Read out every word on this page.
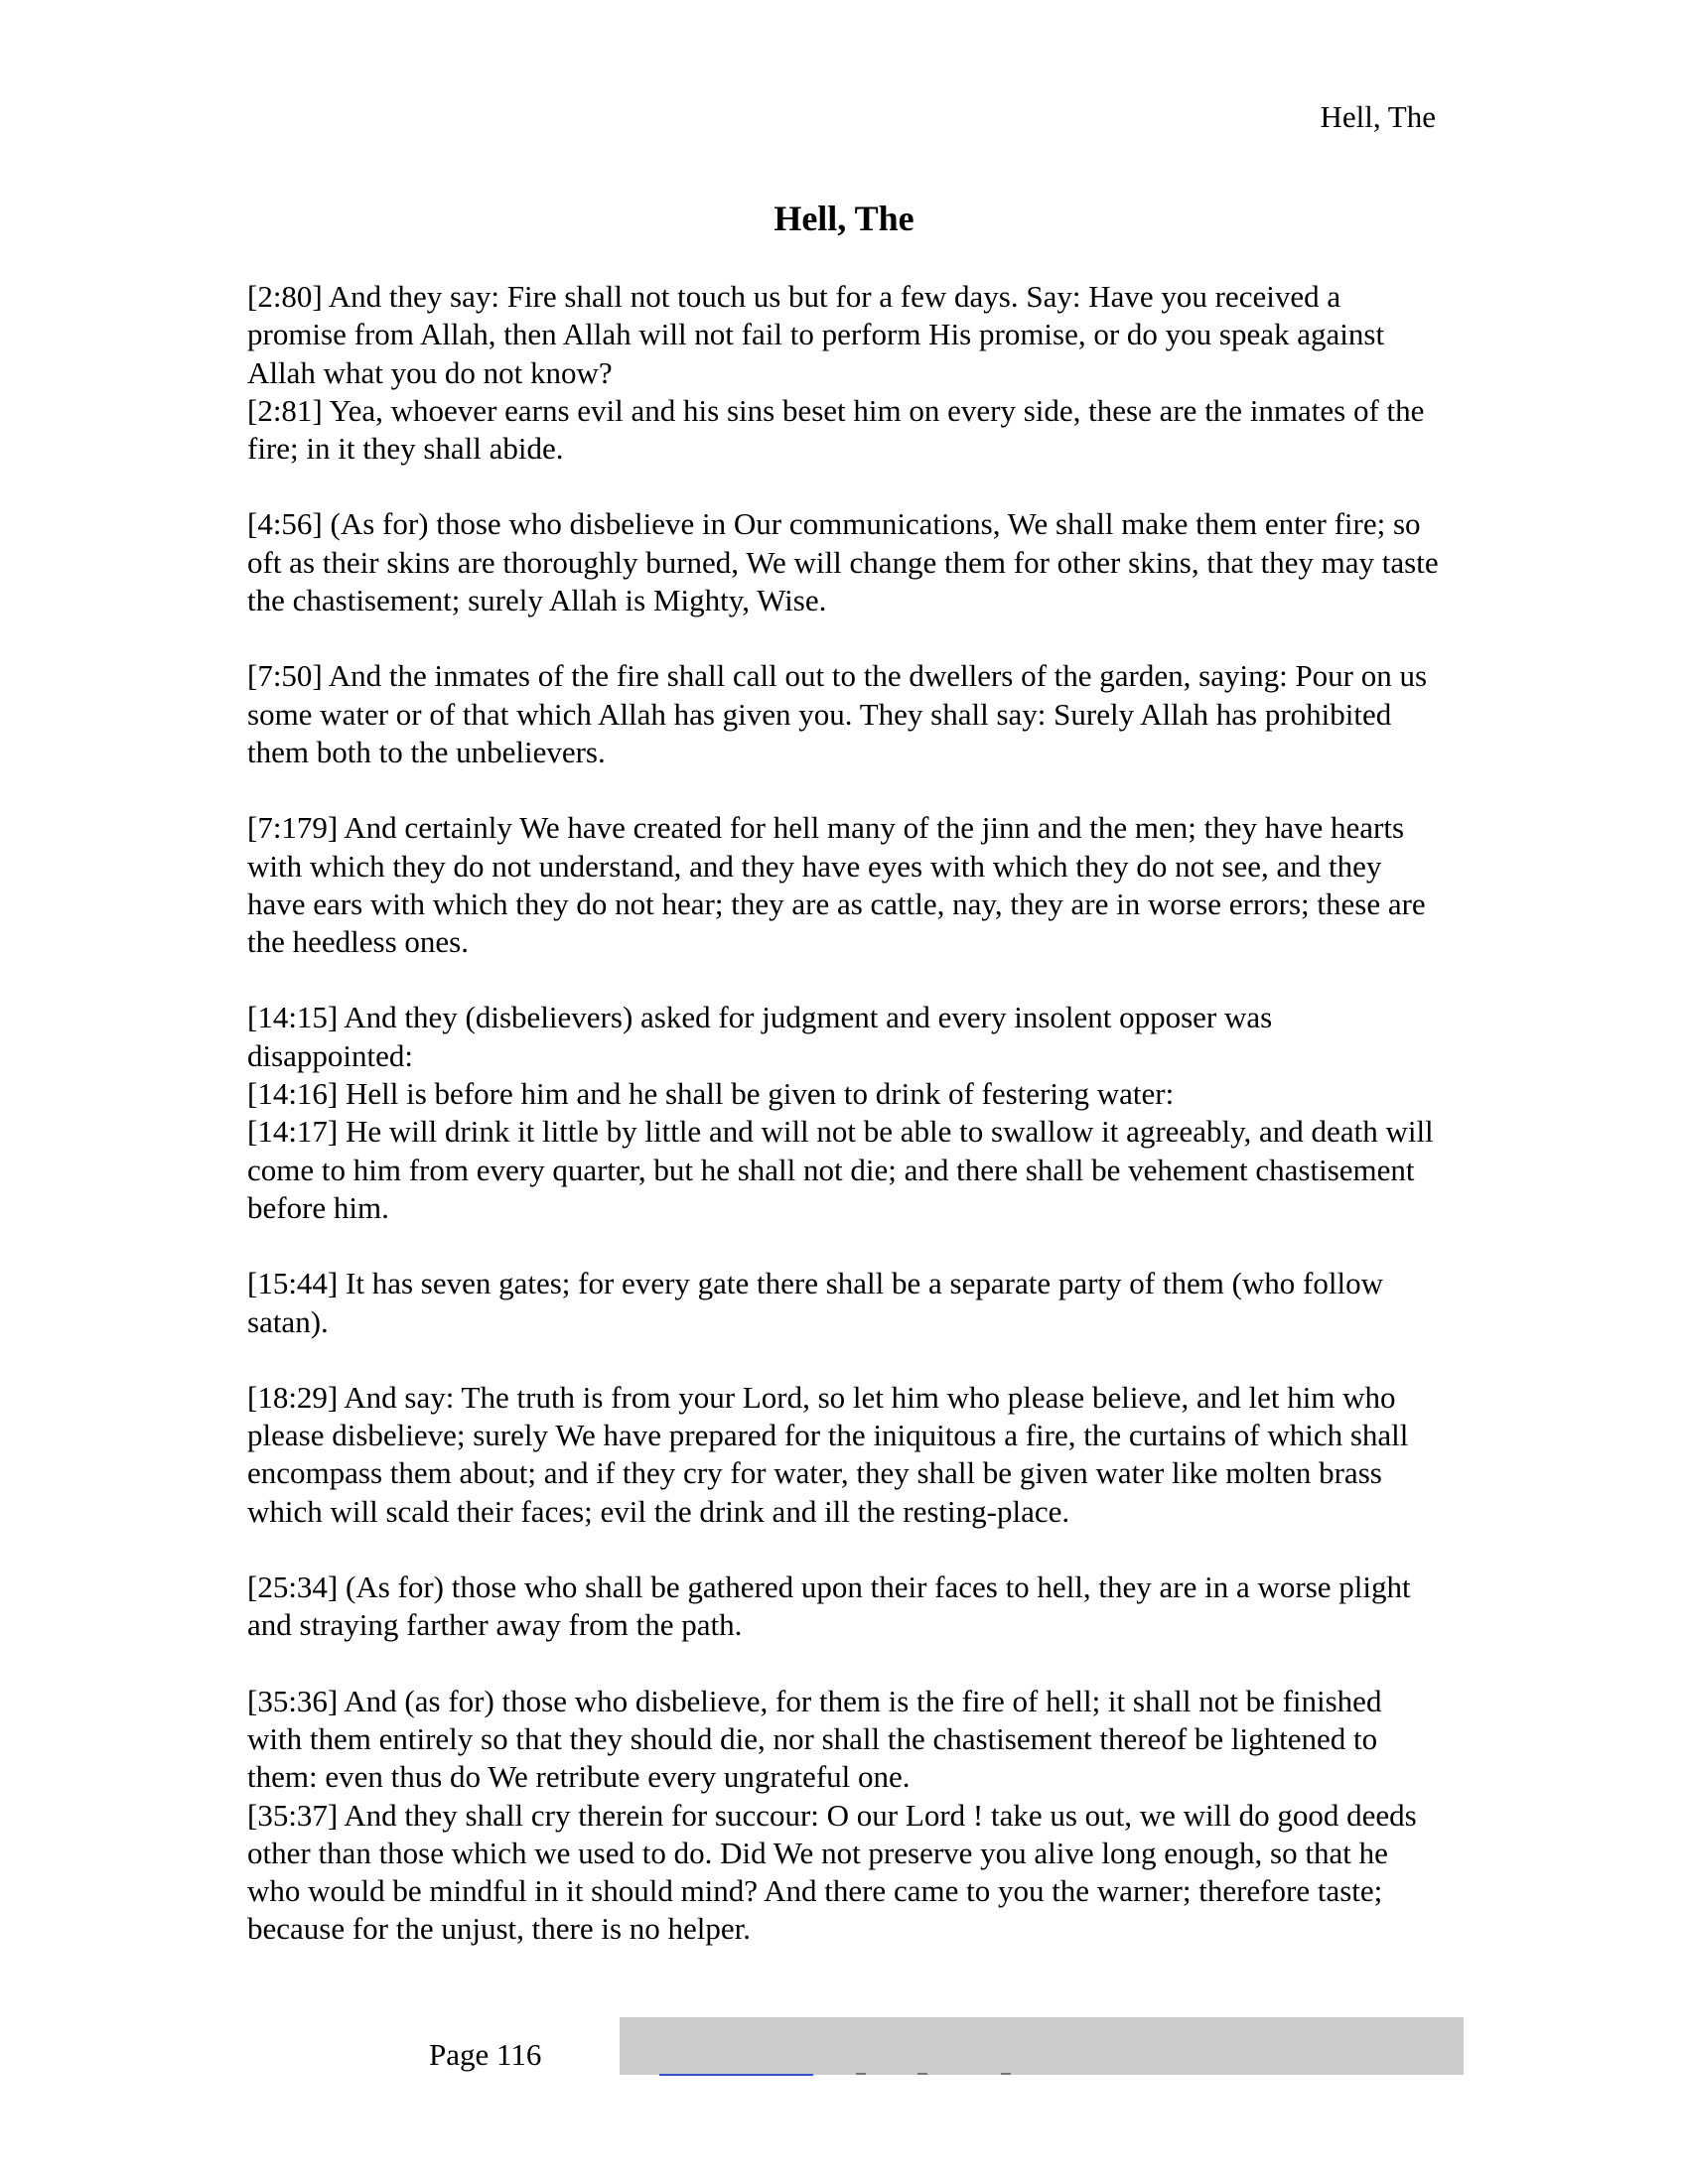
Hell, The
Hell, The

[2:80] And they say: Fire shall not touch us but for a few days. Say: Have you received a promise from Allah, then Allah will not fail to perform His promise, or do you speak against Allah what you do not know?

[2:81] Yea, whoever earns evil and his sins beset him on every side, these are the inmates of the fire; in it they shall abide.

[4:56] (As for) those who disbelieve in Our communications, We shall make them enter fire; so oft as their skins are thoroughly burned, We will change them for other skins, that they may taste the chastisement; surely Allah is Mighty, Wise.

[7:50] And the inmates of the fire shall call out to the dwellers of the garden, saying: Pour on us some water or of that which Allah has given you. They shall say: Surely Allah has prohibited them both to the unbelievers.

[7:179] And certainly We have created for hell many of the jinn and the men; they have hearts with which they do not understand, and they have eyes with which they do not see, and they have ears with which they do not hear; they are as cattle, nay, they are in worse errors; these are the heedless ones.

[14:15] And they (disbelievers) asked for judgment and every insolent opposer was disappointed:

[14:16] Hell is before him and he shall be given to drink of festering water:

[14:17] He will drink it little by little and will not be able to swallow it agreeably, and death will come to him from every quarter, but he shall not die; and there shall be vehement chastisement before him.

[15:44] It has seven gates; for every gate there shall be a separate party of them (who follow satan).

[18:29] And say: The truth is from your Lord, so let him who please believe, and let him who please disbelieve; surely We have prepared for the iniquitous a fire, the curtains of which shall encompass them about; and if they cry for water, they shall be given water like molten brass which will scald their faces; evil the drink and ill the resting-place.

[25:34] (As for) those who shall be gathered upon their faces to hell, they are in a worse plight and straying farther away from the path.

[35:36] And (as for) those who disbelieve, for them is the fire of hell; it shall not be finished with them entirely so that they should die, nor shall the chastisement thereof be lightened to them: even thus do We retribute every ungrateful one.

[35:37] And they shall cry therein for succour: O our Lord ! take us out, we will do good deeds other than those which we used to do. Did We not preserve you alive long enough, so that he who would be mindful in it should mind? And there came to you the warner; therefore taste; because for the unjust, there is no helper.

Page 116
